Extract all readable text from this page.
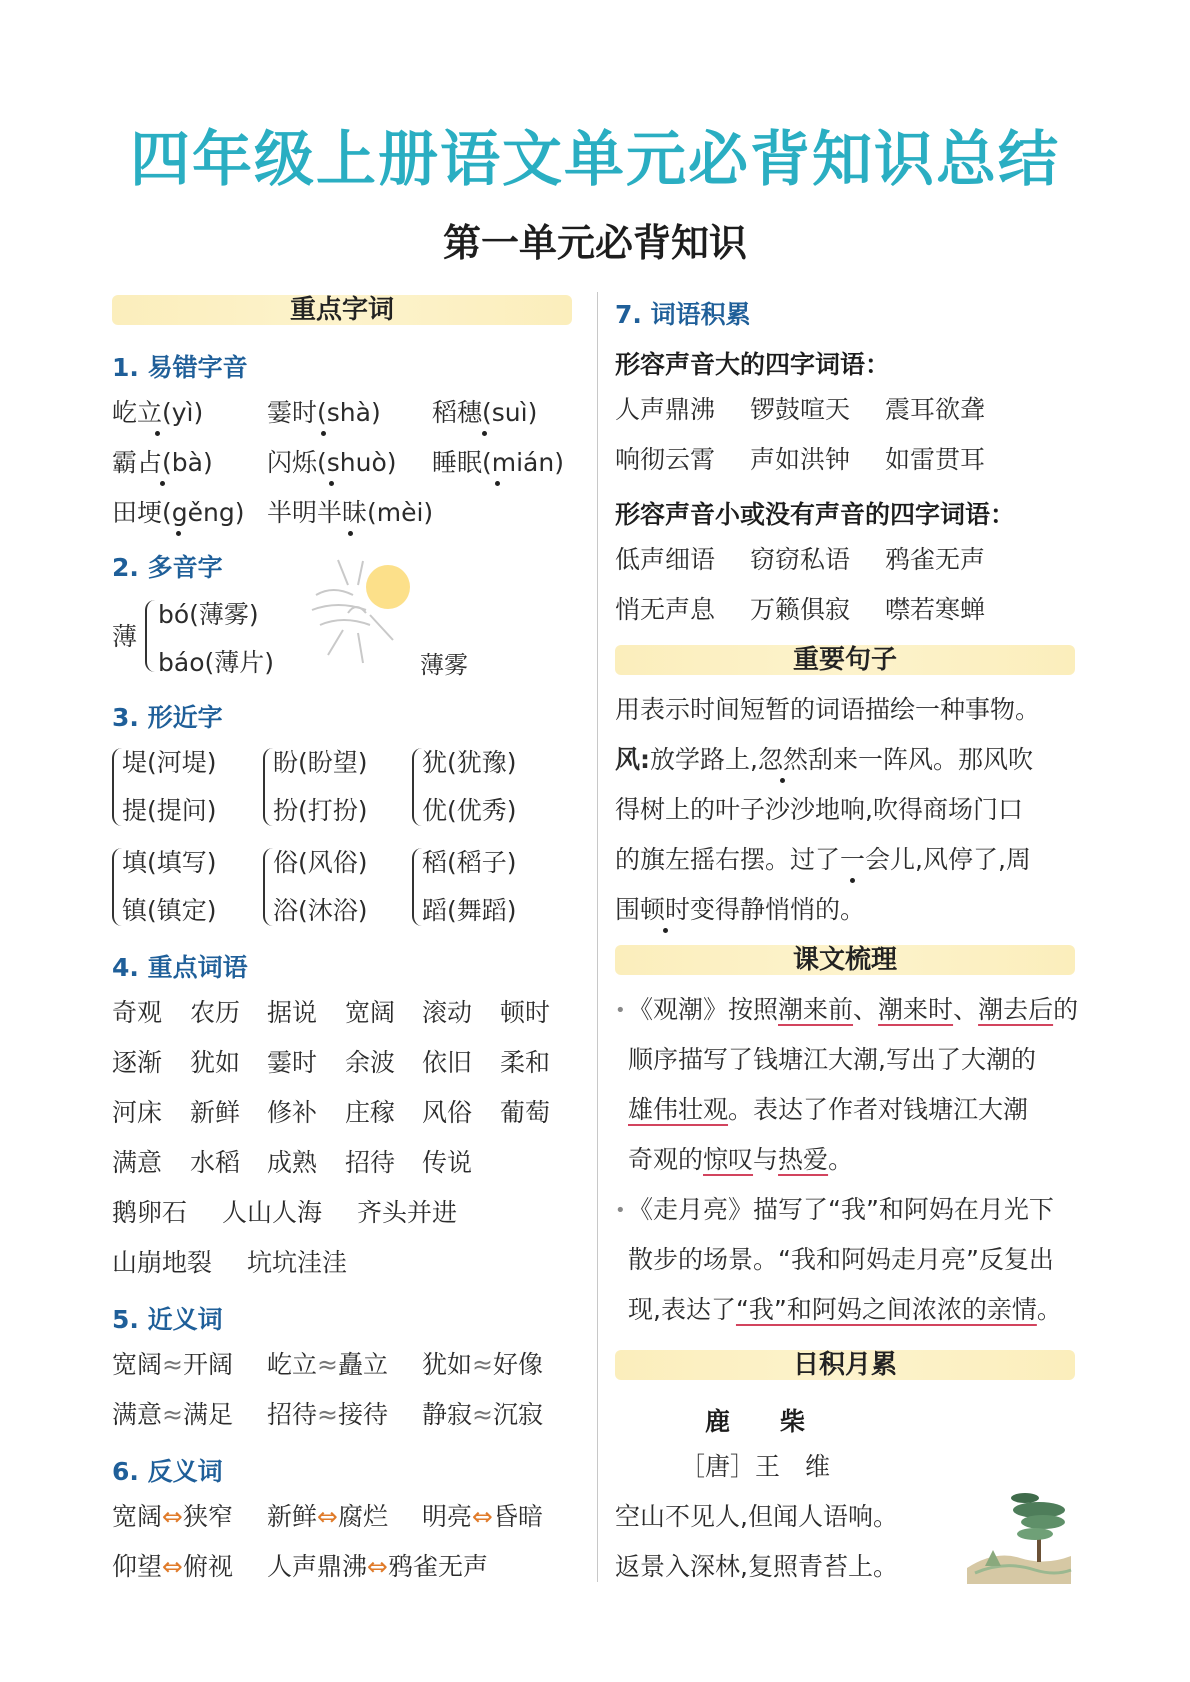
四年级上册语文单元必背知识总结
第一单元必背知识
重点字词
1. 易错字音
屹立(yì)	霎时(shà) 稻穗(suì)
霸占(bà) 闪烁(shuò) 睡眠(mián)
田埂(gěng) 半明半昧(mèi)
2. 多音字
薄
bó(薄雾)
báo(薄片)	薄雾
3. 形近字
堤(河堤)
提(提问)
盼(盼望)
扮(打扮)
犹(犹豫)
优(优秀)
填(填写)
镇(镇定)
俗(风俗)
浴(沐浴)
稻(稻子)
蹈(舞蹈)
4. 重点词语
5. 近义词
6. 反义词
7. 词语积累
形容声音大的四字词语：
形容声音小或没有声音的四字词语：
重要句子
用表示时间短暂的词语描绘一种事物。
风:放学路上,忽然刮来一阵风。那风吹
得树上的叶子沙沙地响,吹得商场门口
的旗左摇右摆。过了一会儿,风停了,周
围顿时变得静悄悄的。
课文梳理
• 《观潮》按照潮来前、潮来时、潮去后的
顺序描写了钱塘江大潮,写出了大潮的
雄伟壮观。表达了作者对钱塘江大潮
奇观的惊叹与热爱。
• 《走月亮》描写了“我”和阿妈在月光下
散步的场景。“我和阿妈走月亮”反复出
现,表达了“我”和阿妈之间浓浓的亲情。
日积月累
鹿　　柴
［唐］王　维
空山不见人,但闻人语响。
返景入深林,复照青苔上。
奇观 农历 据说 宽阔 滚动 顿时
逐渐 犹如 霎时 余波 依旧 柔和
河床 新鲜 修补 庄稼 风俗 葡萄
满意 水稻 成熟 招待 传说
鹅卵石 人山人海 齐头并进
山崩地裂 坑坑洼洼
宽阔≈开阔 屹立≈矗立 犹如≈好像
满意≈满足 招待≈接待 静寂≈沉寂
宽阔⇔狭窄 新鲜⇔腐烂 明亮⇔昏暗
仰望⇔俯视 人声鼎沸⇔鸦雀无声
人声鼎沸 锣鼓喧天 震耳欲聋
响彻云霄 声如洪钟 如雷贯耳
低声细语 窃窃私语 鸦雀无声
悄无声息 万籁俱寂 噤若寒蝉
